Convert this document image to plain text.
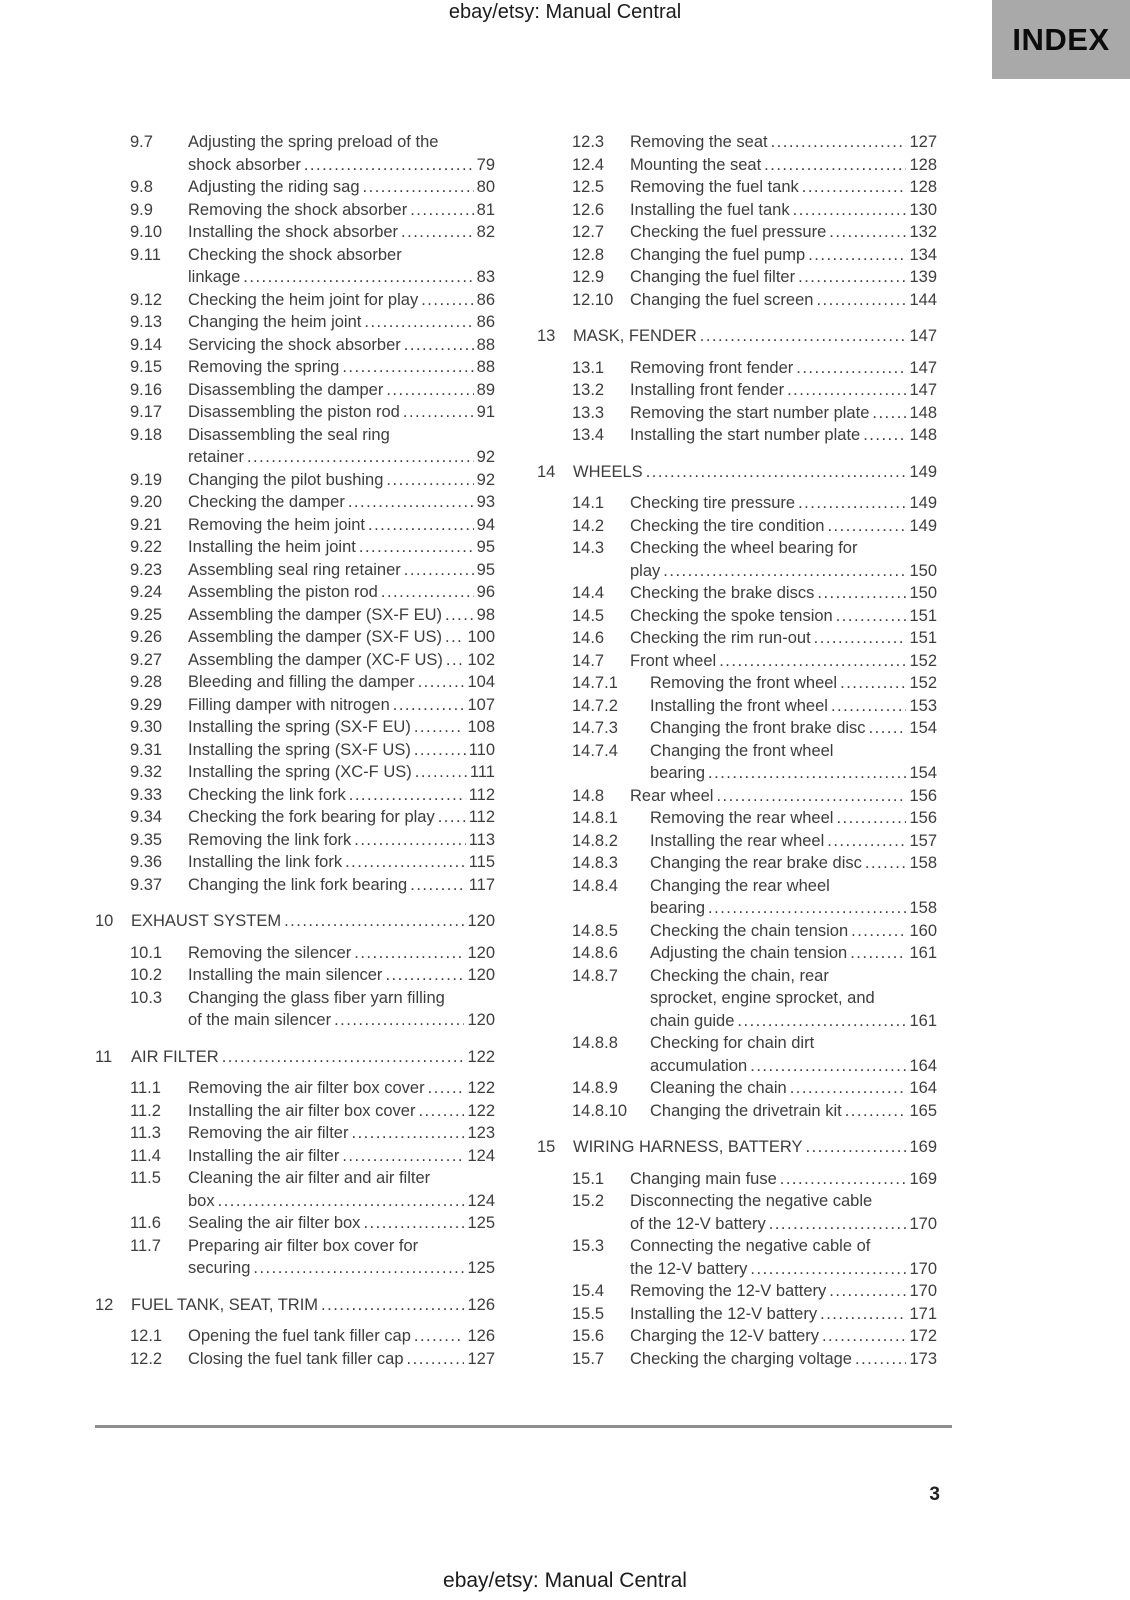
ebay/etsy: Manual Central
INDEX
9.7	Adjusting the spring preload of the
shock absorber .....	79
9.8	Adjusting the riding sag .....	80
9.9	Removing the shock absorber .....	81
9.10	Installing the shock absorber .....	82
9.11	Checking the shock absorber
linkage .....	83
9.12	Checking the heim joint for play .....	86
9.13	Changing the heim joint .....	86
9.14	Servicing the shock absorber .....	88
9.15	Removing the spring .....	88
9.16	Disassembling the damper .....	89
9.17	Disassembling the piston rod .....	91
9.18	Disassembling the seal ring
retainer .....	92
9.19	Changing the pilot bushing .....	92
9.20	Checking the damper .....	93
9.21	Removing the heim joint .....	94
9.22	Installing the heim joint .....	95
9.23	Assembling seal ring retainer .....	95
9.24	Assembling the piston rod .....	96
9.25	Assembling the damper (SX-F EU) ..... 98
9.26	Assembling the damper (SX-F US) ..... 100
9.27	Assembling the damper (XC-F US) ..... 102
9.28	Bleeding and filling the damper .....	104
9.29	Filling damper with nitrogen .....	107
9.30	Installing the spring (SX-F EU) .....	108
9.31	Installing the spring (SX-F US) .....	110
9.32	Installing the spring (XC-F US) .....	111
9.33	Checking the link fork .....	112
9.34	Checking the fork bearing for play ..... 112
9.35	Removing the link fork .....	113
9.36	Installing the link fork .....	115
9.37	Changing the link fork bearing .....	117
10	EXHAUST SYSTEM .....	120
10.1	Removing the silencer .....	120
10.2	Installing the main silencer .....	120
10.3	Changing the glass fiber yarn filling
of the main silencer .....	120
11	AIR FILTER .....	122
11.1	Removing the air filter box cover .....	122
11.2	Installing the air filter box cover .....	122
11.3	Removing the air filter .....	123
11.4	Installing the air filter .....	124
11.5	Cleaning the air filter and air filter
box .....	124
11.6	Sealing the air filter box .....	125
11.7	Preparing air filter box cover for
securing .....	125
12	FUEL TANK, SEAT, TRIM .....	126
12.1	Opening the fuel tank filler cap .....	126
12.2	Closing the fuel tank filler cap .....	127
12.3	Removing the seat .....	127
12.4	Mounting the seat .....	128
12.5	Removing the fuel tank .....	128
12.6	Installing the fuel tank .....	130
12.7	Checking the fuel pressure .....	132
12.8	Changing the fuel pump .....	134
12.9	Changing the fuel filter .....	139
12.10	Changing the fuel screen .....	144
13	MASK, FENDER .....	147
13.1	Removing front fender .....	147
13.2	Installing front fender .....	147
13.3	Removing the start number plate ..... 148
13.4	Installing the start number plate .....	148
14	WHEELS .....	149
14.1	Checking tire pressure .....	149
14.2	Checking the tire condition .....	149
14.3	Checking the wheel bearing for
play .....	150
14.4	Checking the brake discs .....	150
14.5	Checking the spoke tension .....	151
14.6	Checking the rim run-out .....	151
14.7	Front wheel .....	152
14.7.1	Removing the front wheel .....	152
14.7.2	Installing the front wheel .....	153
14.7.3	Changing the front brake disc .....	154
14.7.4	Changing the front wheel
bearing .....	154
14.8	Rear wheel .....	156
14.8.1	Removing the rear wheel .....	156
14.8.2	Installing the rear wheel .....	157
14.8.3	Changing the rear brake disc .....	158
14.8.4	Changing the rear wheel
bearing .....	158
14.8.5	Checking the chain tension .....	160
14.8.6	Adjusting the chain tension .....	161
14.8.7	Checking the chain, rear
sprocket, engine sprocket, and
chain guide .....	161
14.8.8	Checking for chain dirt
accumulation .....	164
14.8.9	Cleaning the chain .....	164
14.8.10	Changing the drivetrain kit .....	165
15	WIRING HARNESS, BATTERY .....	169
15.1	Changing main fuse .....	169
15.2	Disconnecting the negative cable
of the 12-V battery .....	170
15.3	Connecting the negative cable of
the 12-V battery .....	170
15.4	Removing the 12-V battery .....	170
15.5	Installing the 12-V battery .....	171
15.6	Charging the 12-V battery .....	172
15.7	Checking the charging voltage .....	173
3
ebay/etsy: Manual Central
